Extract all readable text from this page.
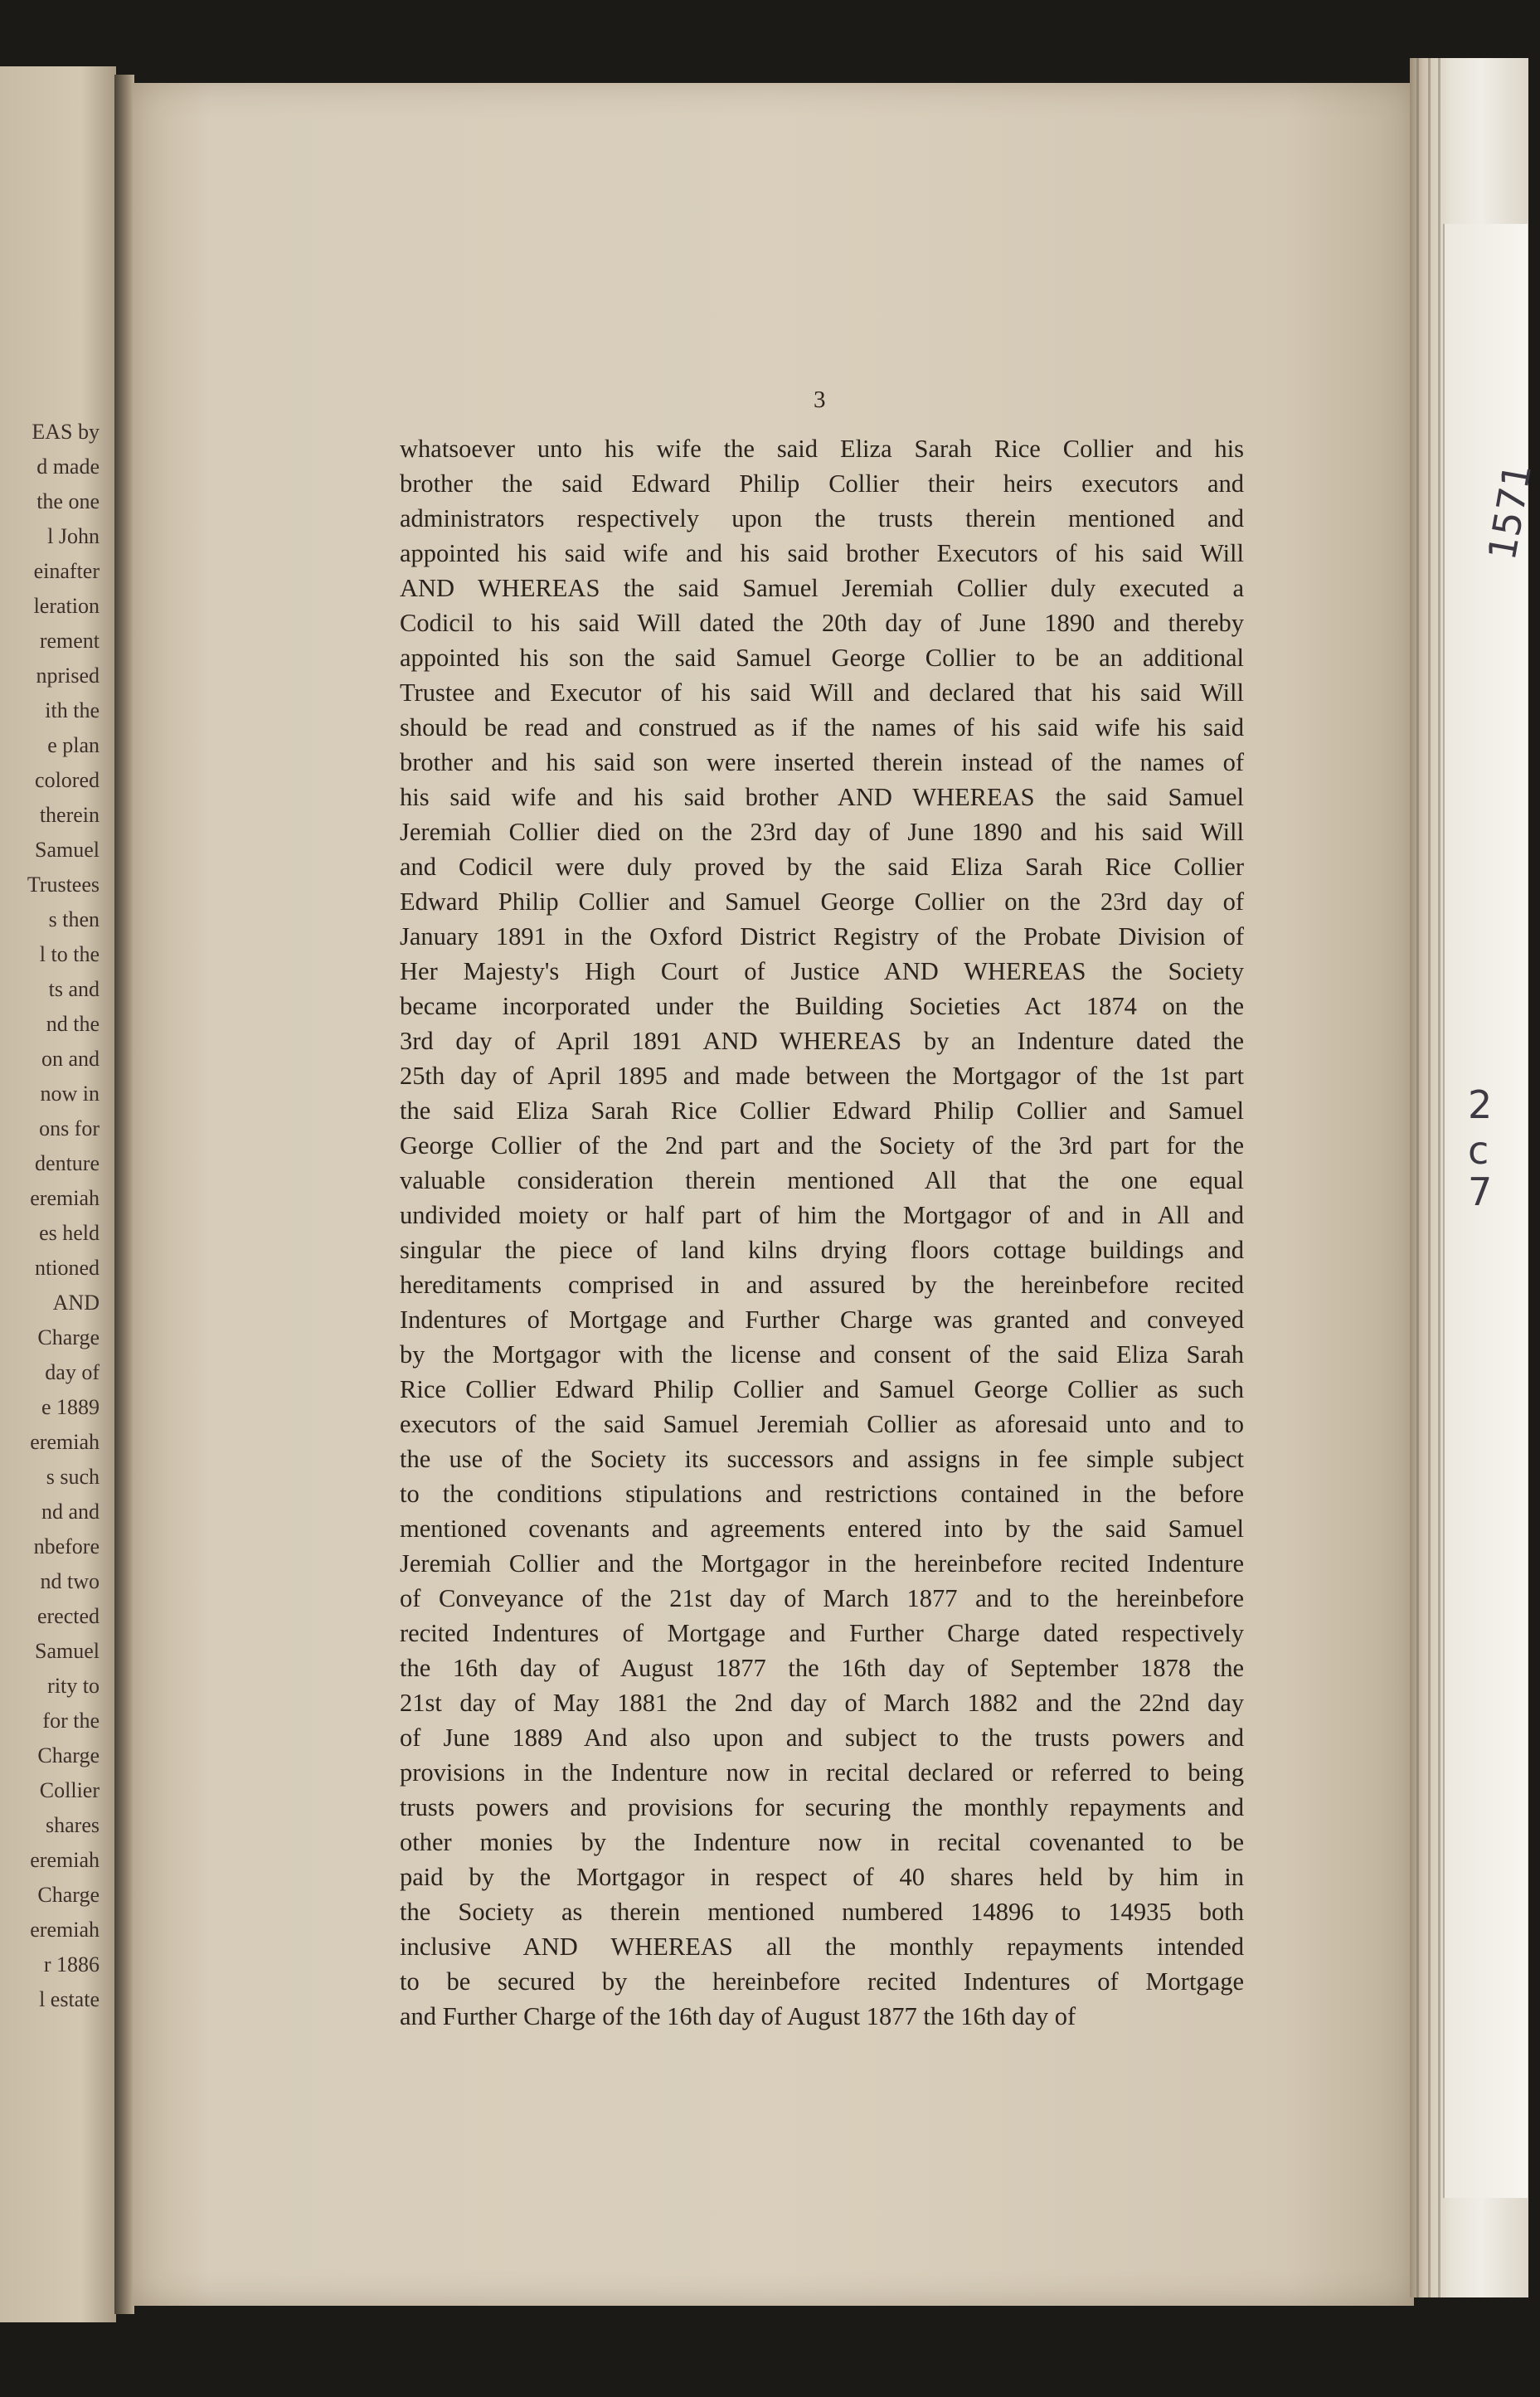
EAS by
d made
the one
l John
einafter
leration
rement
nprised
ith the
e plan
colored
therein
Samuel
Trustees
s then
l to the
ts and
nd the
on and
now in
ons for
denture
eremiah
es held
ntioned
AND
Charge
day of
e 1889
eremiah
s such
nd and
nbefore
nd two
erected
Samuel
rity to
for the
Charge
Collier
shares
eremiah
Charge
eremiah
r 1886
l estate
1571
2
c
7
3
whatsoever unto his wife the said Eliza Sarah Rice Collier and his
brother the said Edward Philip Collier their heirs executors and
administrators respectively upon the trusts therein mentioned and
appointed his said wife and his said brother Executors of his said Will
AND WHEREAS the said Samuel Jeremiah Collier duly executed a
Codicil to his said Will dated the 20th day of June 1890 and thereby
appointed his son the said Samuel George Collier to be an additional
Trustee and Executor of his said Will and declared that his said Will
should be read and construed as if the names of his said wife his said
brother and his said son were inserted therein instead of the names of
his said wife and his said brother AND WHEREAS the said Samuel
Jeremiah Collier died on the 23rd day of June 1890 and his said Will
and Codicil were duly proved by the said Eliza Sarah Rice Collier
Edward Philip Collier and Samuel George Collier on the 23rd day of
January 1891 in the Oxford District Registry of the Probate Division of
Her Majesty's High Court of Justice AND WHEREAS the Society
became incorporated under the Building Societies Act 1874 on the
3rd day of April 1891 AND WHEREAS by an Indenture dated the
25th day of April 1895 and made between the Mortgagor of the 1st part
the said Eliza Sarah Rice Collier Edward Philip Collier and Samuel
George Collier of the 2nd part and the Society of the 3rd part for the
valuable consideration therein mentioned All that the one equal
undivided moiety or half part of him the Mortgagor of and in All and
singular the piece of land kilns drying floors cottage buildings and
hereditaments comprised in and assured by the hereinbefore recited
Indentures of Mortgage and Further Charge was granted and conveyed
by the Mortgagor with the license and consent of the said Eliza Sarah
Rice Collier Edward Philip Collier and Samuel George Collier as such
executors of the said Samuel Jeremiah Collier as aforesaid unto and to
the use of the Society its successors and assigns in fee simple subject
to the conditions stipulations and restrictions contained in the before
mentioned covenants and agreements entered into by the said Samuel
Jeremiah Collier and the Mortgagor in the hereinbefore recited Indenture
of Conveyance of the 21st day of March 1877 and to the hereinbefore
recited Indentures of Mortgage and Further Charge dated respectively
the 16th day of August 1877 the 16th day of September 1878 the
21st day of May 1881 the 2nd day of March 1882 and the 22nd day
of June 1889 And also upon and subject to the trusts powers and
provisions in the Indenture now in recital declared or referred to being
trusts powers and provisions for securing the monthly repayments and
other monies by the Indenture now in recital covenanted to be
paid by the Mortgagor in respect of 40 shares held by him in
the Society as therein mentioned numbered 14896 to 14935 both
inclusive AND WHEREAS all the monthly repayments intended
to be secured by the hereinbefore recited Indentures of Mortgage
and Further Charge of the 16th day of August 1877 the 16th day of
